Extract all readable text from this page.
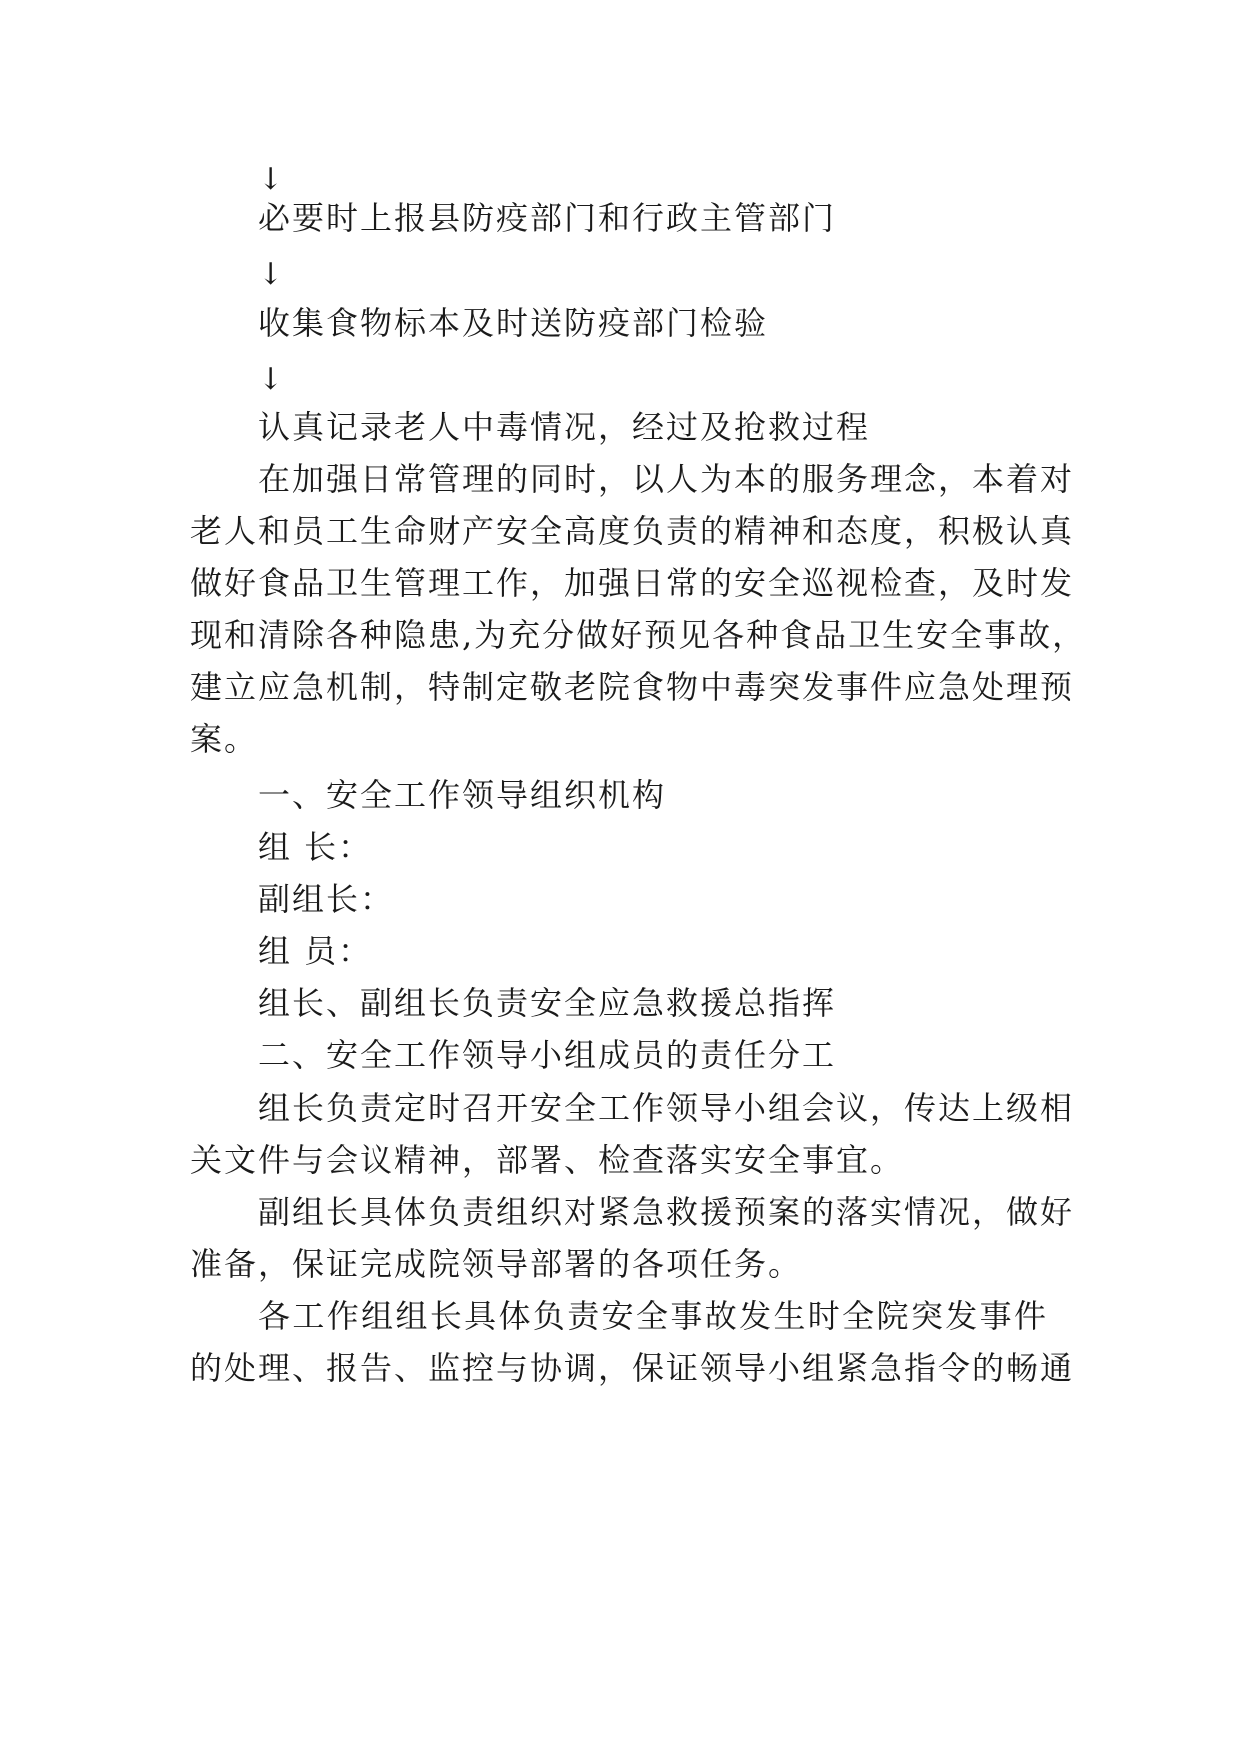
↓
必要时上报县防疫部门和行政主管部门
↓
收集食物标本及时送防疫部门检验
↓
认真记录老人中毒情况，经过及抢救过程
在加强日常管理的同时，以人为本的服务理念，本着对
老人和员工生命财产安全高度负责的精神和态度，积极认真
做好食品卫生管理工作，加强日常的安全巡视检查，及时发
现和清除各种隐患,为充分做好预见各种食品卫生安全事故，
建立应急机制，特制定敬老院食物中毒突发事件应急处理预
案。
一、安全工作领导组织机构
组 长：
副组长：
组 员：
组长、副组长负责安全应急救援总指挥
二、安全工作领导小组成员的责任分工
组长负责定时召开安全工作领导小组会议，传达上级相
关文件与会议精神，部署、检查落实安全事宜。
副组长具体负责组织对紧急救援预案的落实情况，做好
准备，保证完成院领导部署的各项任务。
各工作组组长具体负责安全事故发生时全院突发事件
的处理、报告、监控与协调，保证领导小组紧急指令的畅通
